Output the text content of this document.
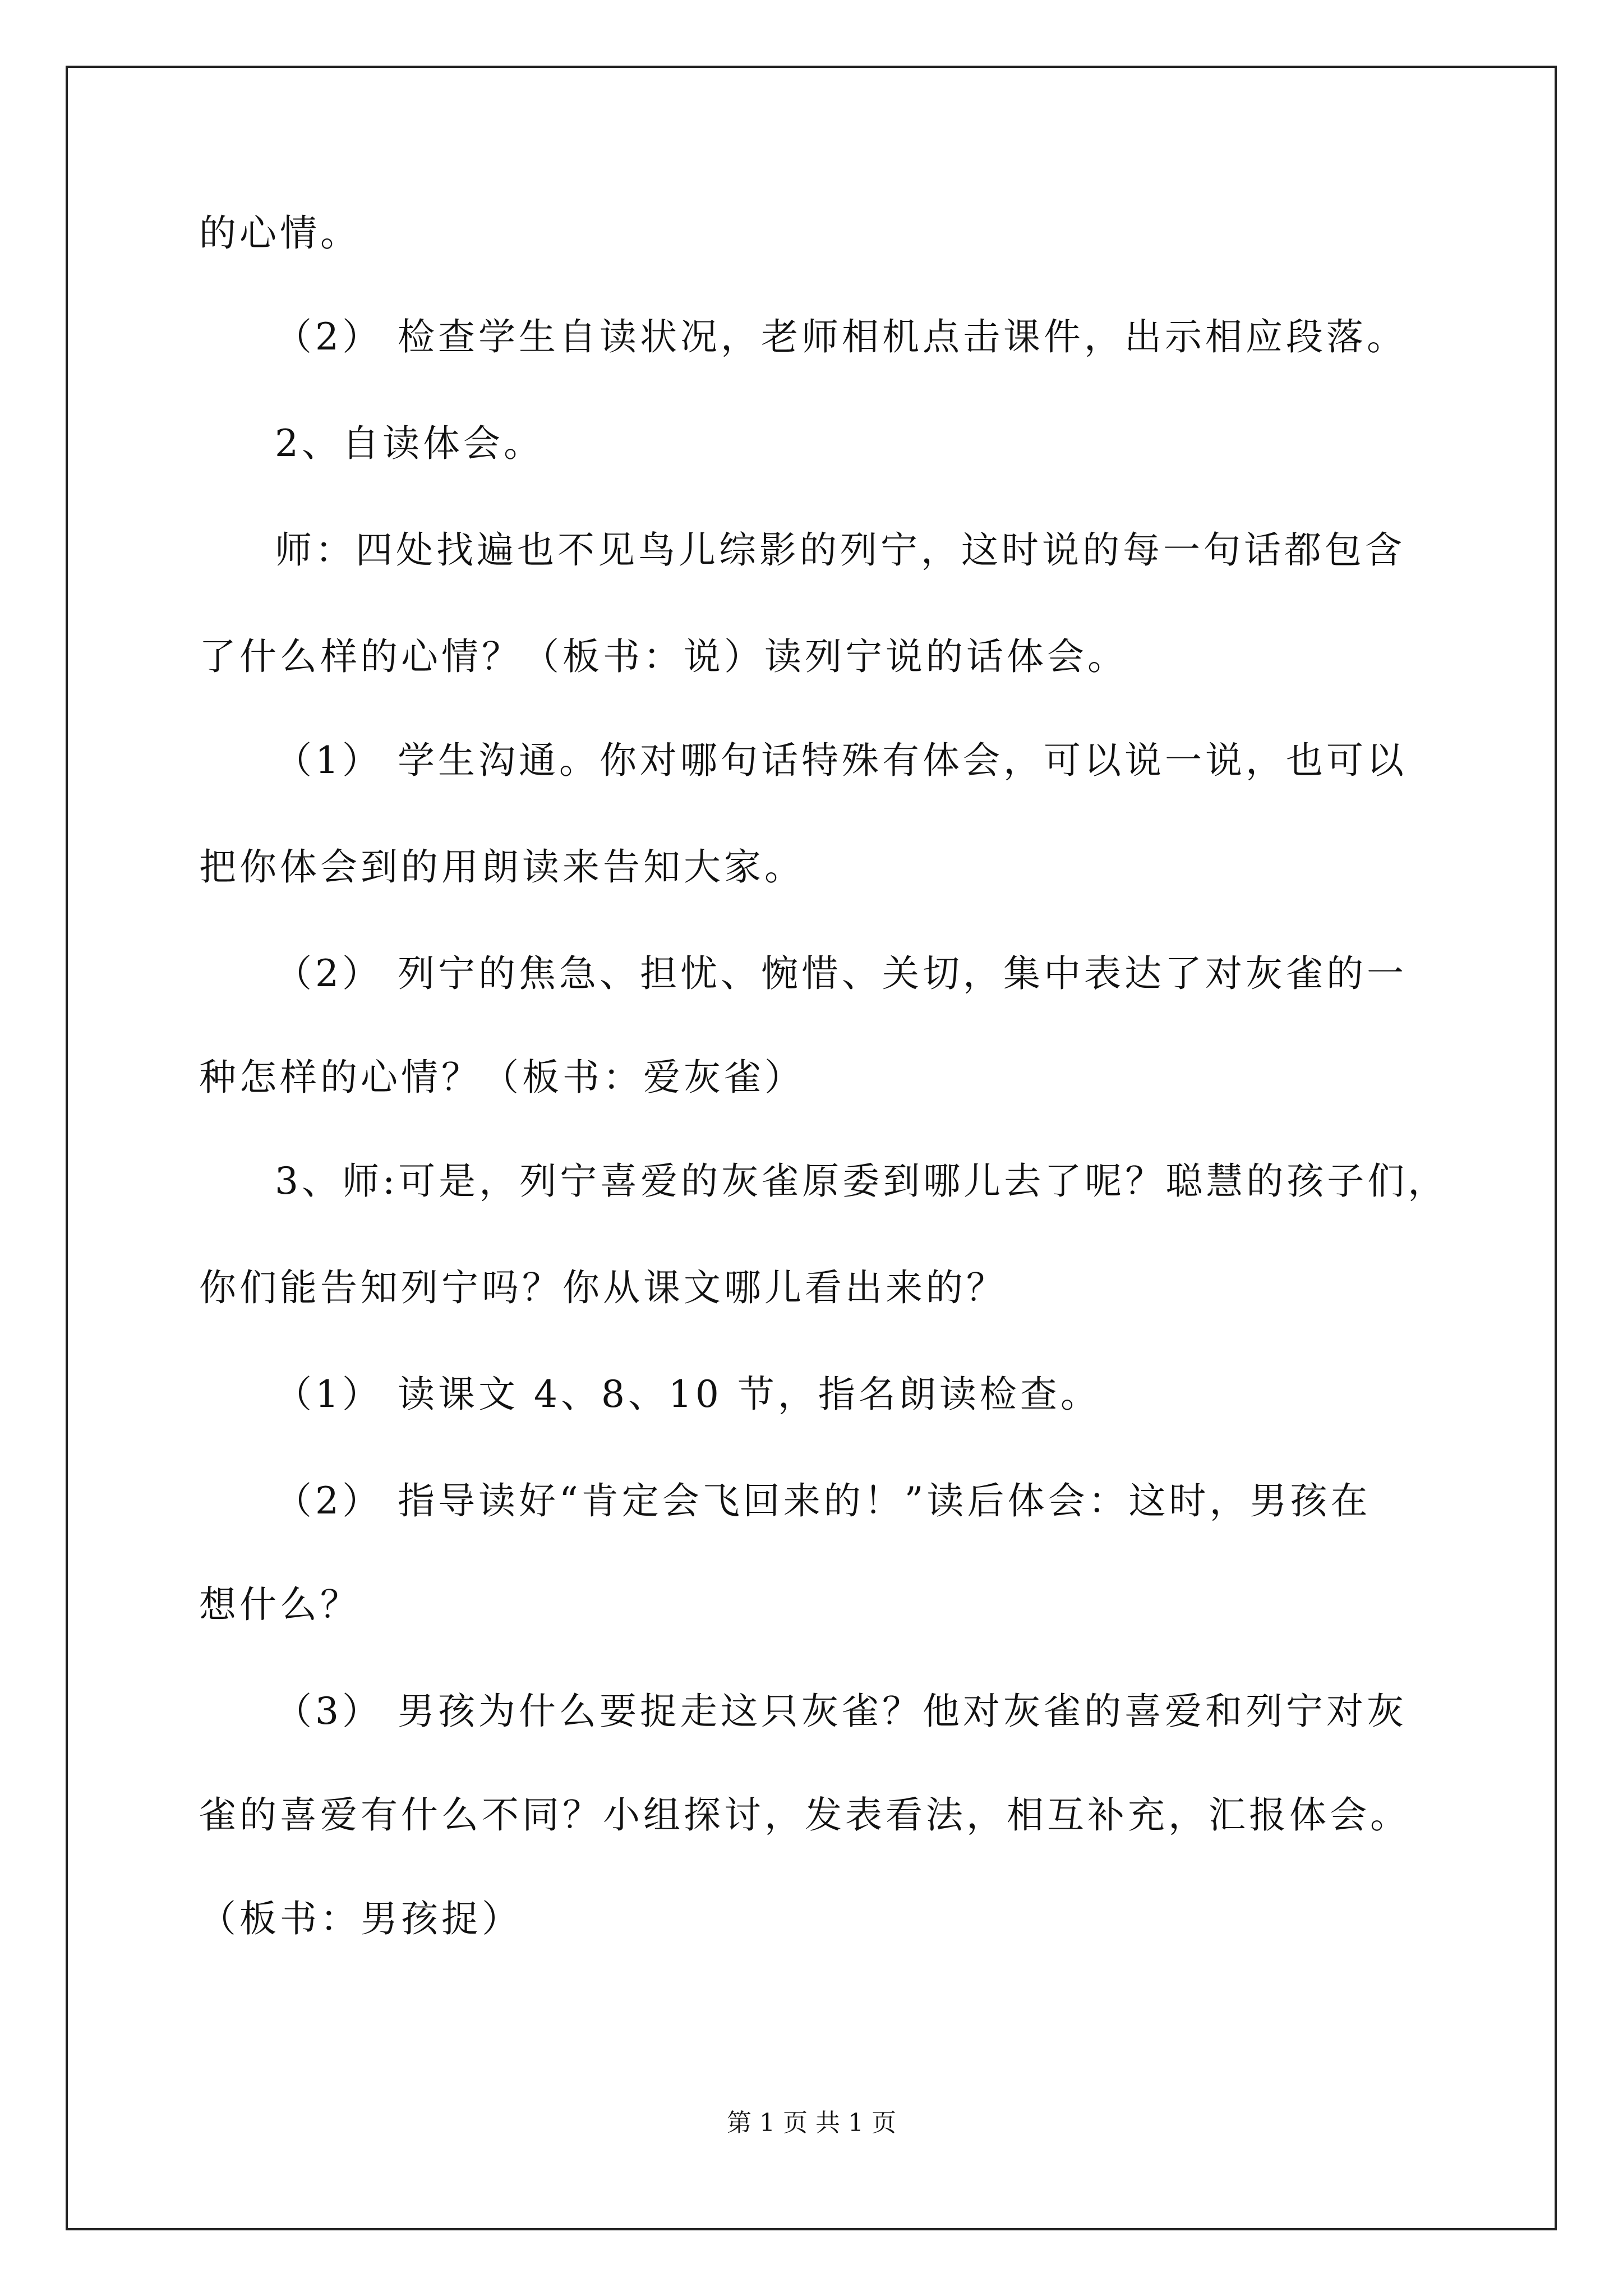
的心情。
（2） 检查学生自读状况，老师相机点击课件，出示相应段落。
2、自读体会。
师：四处找遍也不见鸟儿综影的列宁，这时说的每一句话都包含
了什么样的心情？（板书：说）读列宁说的话体会。
（1） 学生沟通。你对哪句话特殊有体会，可以说一说，也可以
把你体会到的用朗读来告知大家。
（2） 列宁的焦急、担忧、惋惜、关切，集中表达了对灰雀的一
种怎样的心情？（板书：爱灰雀）
3、师:可是，列宁喜爱的灰雀原委到哪儿去了呢？聪慧的孩子们，
你们能告知列宁吗？你从课文哪儿看出来的？
（1） 读课文 4、8、10 节，指名朗读检查。
（2） 指导读好“肯定会飞回来的！”读后体会：这时，男孩在
想什么？
（3） 男孩为什么要捉走这只灰雀？他对灰雀的喜爱和列宁对灰
雀的喜爱有什么不同？小组探讨，发表看法，相互补充，汇报体会。
（板书：男孩捉）
第 1 页 共 1 页
